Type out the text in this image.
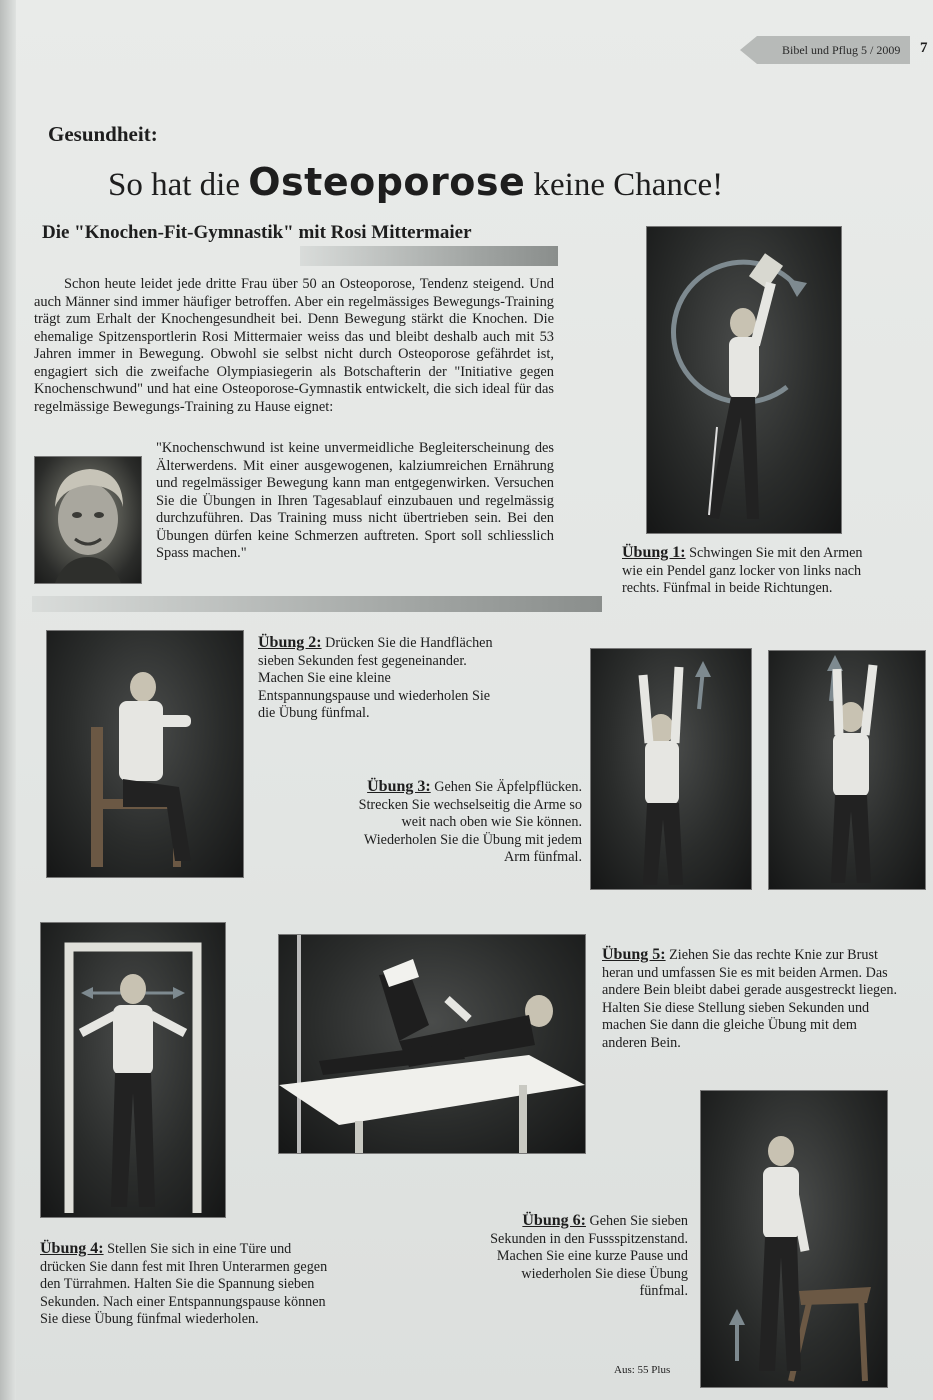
Bibel und Pflug 5 / 2009 7
Gesundheit:
So hat die Osteoporose keine Chance!
Die "Knochen-Fit-Gymnastik" mit Rosi Mittermaier
Schon heute leidet jede dritte Frau über 50 an Osteoporose, Tendenz steigend. Und auch Männer sind immer häufiger betroffen. Aber ein regelmässiges Bewegungs-Training trägt zum Erhalt der Knochengesundheit bei. Denn Bewegung stärkt die Knochen. Die ehemalige Spitzensportlerin Rosi Mittermaier weiss das und bleibt deshalb auch mit 53 Jahren immer in Bewegung. Obwohl sie selbst nicht durch Osteoporose gefährdet ist, engagiert sich die zweifache Olympiasiegerin als Botschafterin der "Initiative gegen Knochenschwund" und hat eine Osteoporose-Gymnastik entwickelt, die sich ideal für das regelmässige Bewegungs-Training zu Hause eignet:
"Knochenschwund ist keine unvermeidliche Begleiterscheinung des Älterwerdens. Mit einer ausgewogenen, kalziumreichen Ernährung und regelmässiger Bewegung kann man entgegenwirken. Versuchen Sie die Übungen in Ihren Tagesablauf einzubauen und regelmässig durchzuführen. Das Training muss nicht übertrieben sein. Bei den Übungen dürfen keine Schmerzen auftreten. Sport soll schliesslich Spass machen."	Übung 1: Schwingen Sie mit den Armen wie ein Pendel ganz locker von links nach rechts. Fünfmal in beide Richtungen.
Übung 2: Drücken Sie die Handflächen sieben Sekunden fest gegeneinander. Machen Sie eine kleine Entspannungspause und wiederholen Sie die Übung fünfmal.
Übung 3: Gehen Sie Äpfelpflücken. Strecken Sie wechselseitig die Arme so weit nach oben wie Sie können. Wiederholen Sie die Übung mit jedem Arm fünfmal.
Übung 4: Stellen Sie sich in eine Türe und drücken Sie dann fest mit Ihren Unterarmen gegen den Türrahmen. Halten Sie die Spannung sieben Sekunden. Nach einer Entspannungspause können Sie diese Übung fünfmal wiederholen.
Übung 5: Ziehen Sie das rechte Knie zur Brust heran und umfassen Sie es mit beiden Armen. Das andere Bein bleibt dabei gerade ausgestreckt liegen. Halten Sie diese Stellung sieben Sekunden und machen Sie dann die gleiche Übung mit dem anderen Bein.
Übung 6: Gehen Sie sieben Sekunden in den Fussspitzenstand. Machen Sie eine kurze Pause und wiederholen Sie diese Übung fünfmal.
Aus: 55 Plus
